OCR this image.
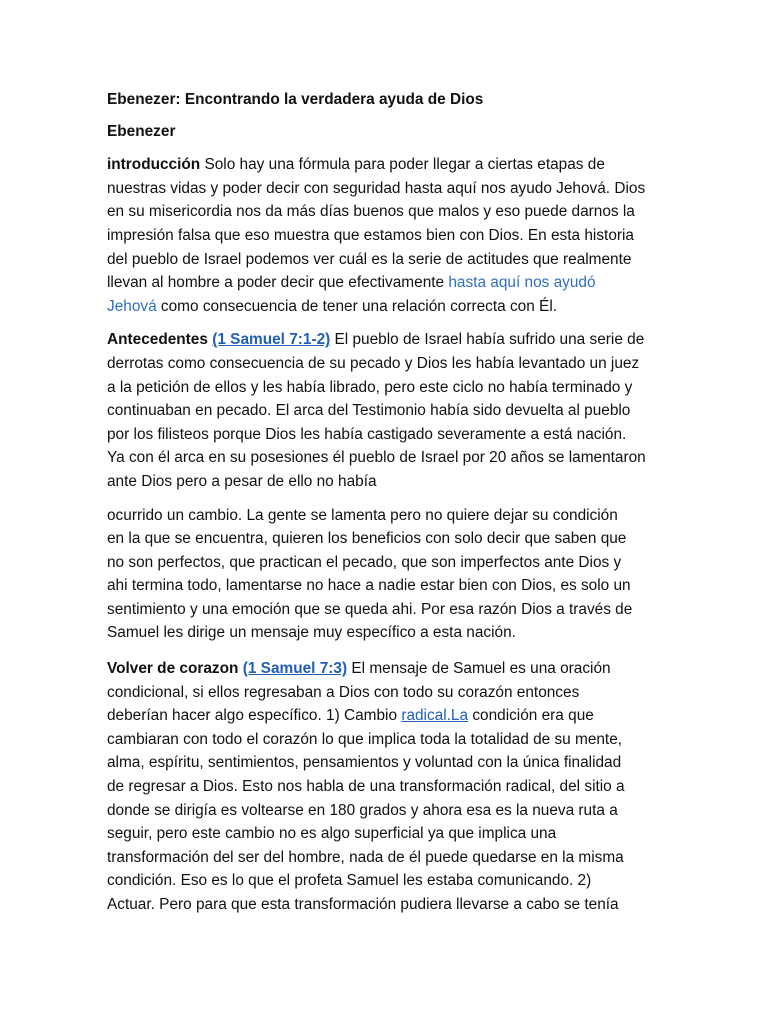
Ebenezer: Encontrando la verdadera ayuda de Dios
Ebenezer
introducción Solo hay una fórmula para poder llegar a ciertas etapas de
nuestras vidas y poder decir con seguridad hasta aquí nos ayudo Jehová. Dios
en su misericordia nos da más días buenos que malos y eso puede darnos la
impresión falsa que eso muestra que estamos bien con Dios. En esta historia
del pueblo de Israel podemos ver cuál es la serie de actitudes que realmente
llevan al hombre a poder decir que efectivamente hasta aquí nos ayudó
Jehová como consecuencia de tener una relación correcta con Él.
Antecedentes (1 Samuel 7:1-2) El pueblo de Israel había sufrido una serie de
derrotas como consecuencia de su pecado y Dios les había levantado un juez
a la petición de ellos y les había librado, pero este ciclo no había terminado y
continuaban en pecado. El arca del Testimonio había sido devuelta al pueblo
por los filisteos porque Dios les había castigado severamente a está nación.
Ya con él arca en su posesiones él pueblo de Israel por 20 años se lamentaron
ante Dios pero a pesar de ello no había
ocurrido un cambio. La gente se lamenta pero no quiere dejar su condición
en la que se encuentra, quieren los beneficios con solo decir que saben que
no son perfectos, que practican el pecado, que son imperfectos ante Dios y
ahi termina todo, lamentarse no hace a nadie estar bien con Dios, es solo un
sentimiento y una emoción que se queda ahi. Por esa razón Dios a través de
Samuel les dirige un mensaje muy específico a esta nación.
Volver de corazon (1 Samuel 7:3) El mensaje de Samuel es una oración
condicional, si ellos regresaban a Dios con todo su corazón entonces
deberían hacer algo específico. 1) Cambio radical.La condición era que
cambiaran con todo el corazón lo que implica toda la totalidad de su mente,
alma, espíritu, sentimientos, pensamientos y voluntad con la única finalidad
de regresar a Dios. Esto nos habla de una transformación radical, del sitio a
donde se dirigía es voltearse en 180 grados y ahora esa es la nueva ruta a
seguir, pero este cambio no es algo superficial ya que implica una
transformación del ser del hombre, nada de él puede quedarse en la misma
condición. Eso es lo que el profeta Samuel les estaba comunicando. 2)
Actuar. Pero para que esta transformación pudiera llevarse a cabo se tenía
